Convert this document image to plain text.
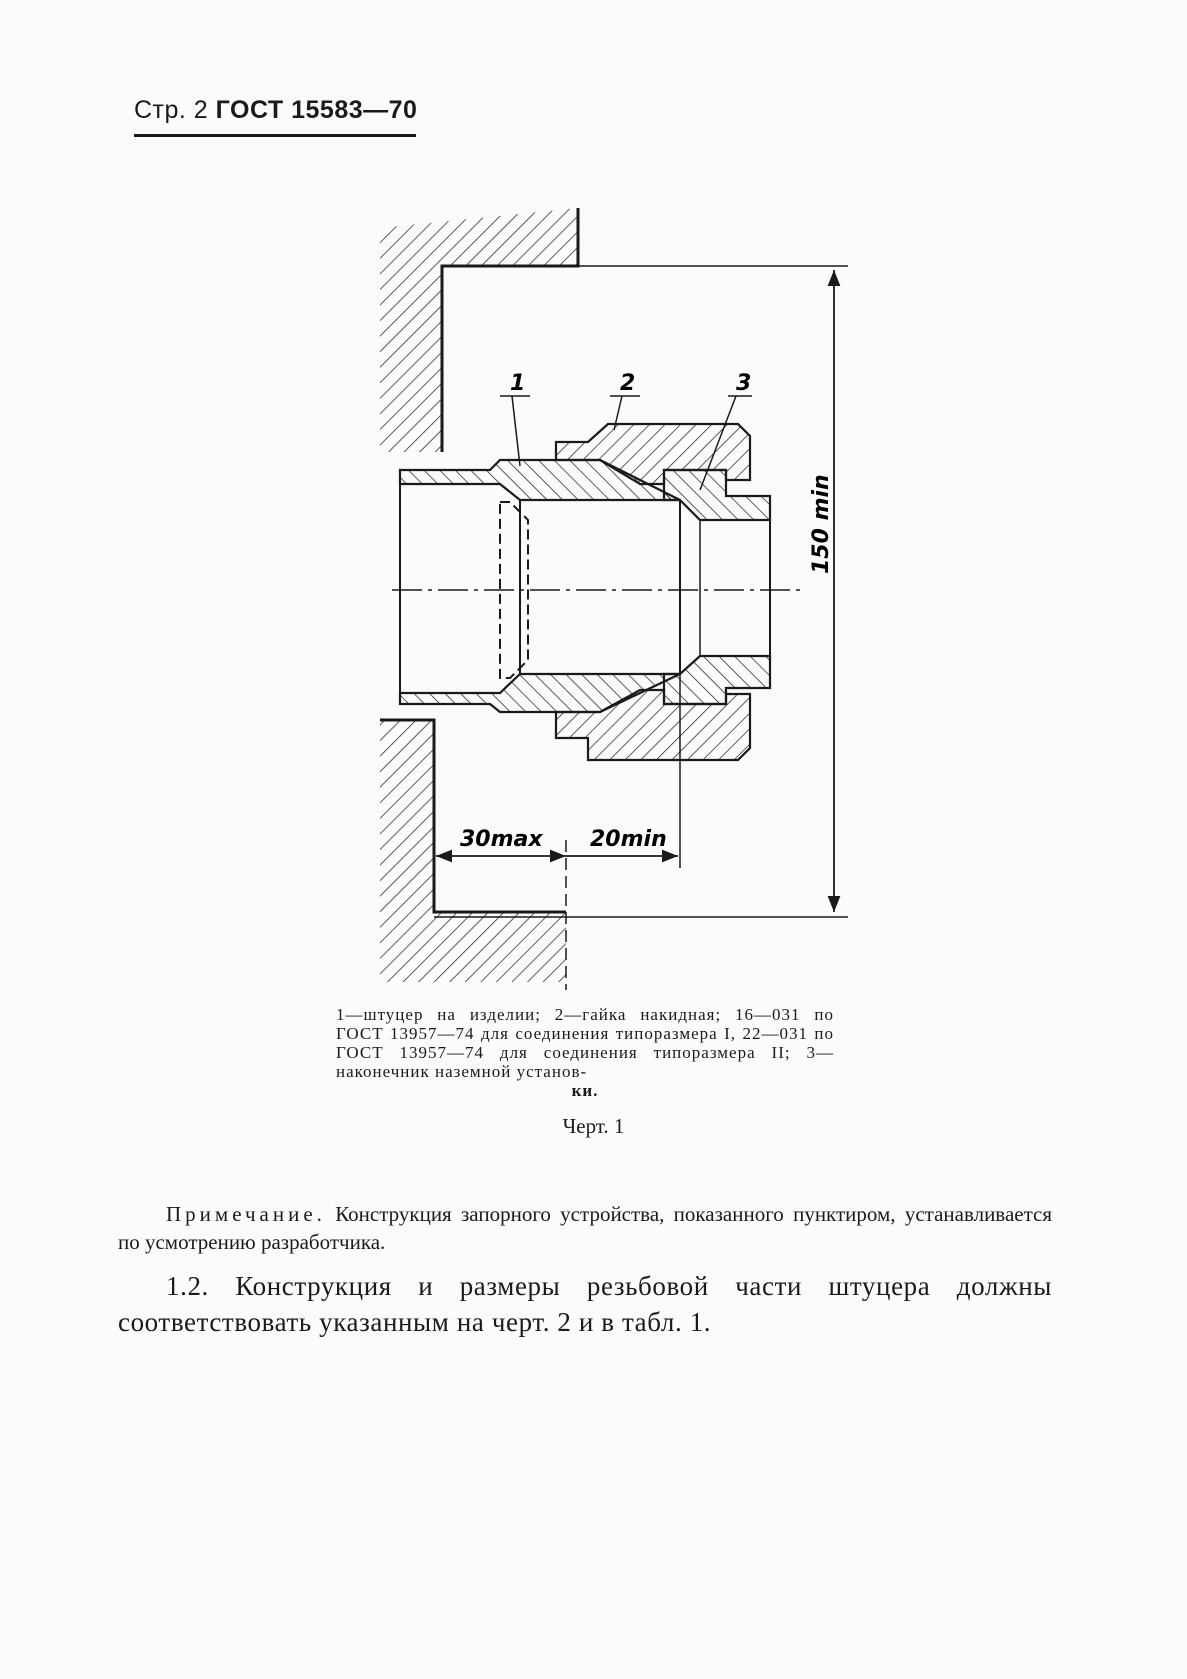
Стр. 2 ГОСТ 15583—70
150 min
30max 20min
1	2	3
1—штуцер на изделии; 2—гайка накидная; 16—031 по ГОСТ 13957—74 для соединения типоразмера I, 22—031 по ГОСТ 13957—74 для соединения типоразмера II; 3—наконечник наземной установ-
ки.
Черт. 1
Примечание. Конструкция запорного устройства, показанного пунктиром, устанавливается по усмотрению разработчика.
1.2. Конструкция и размеры резьбовой части штуцера должны соответствовать указанным на черт. 2 и в табл. 1.
